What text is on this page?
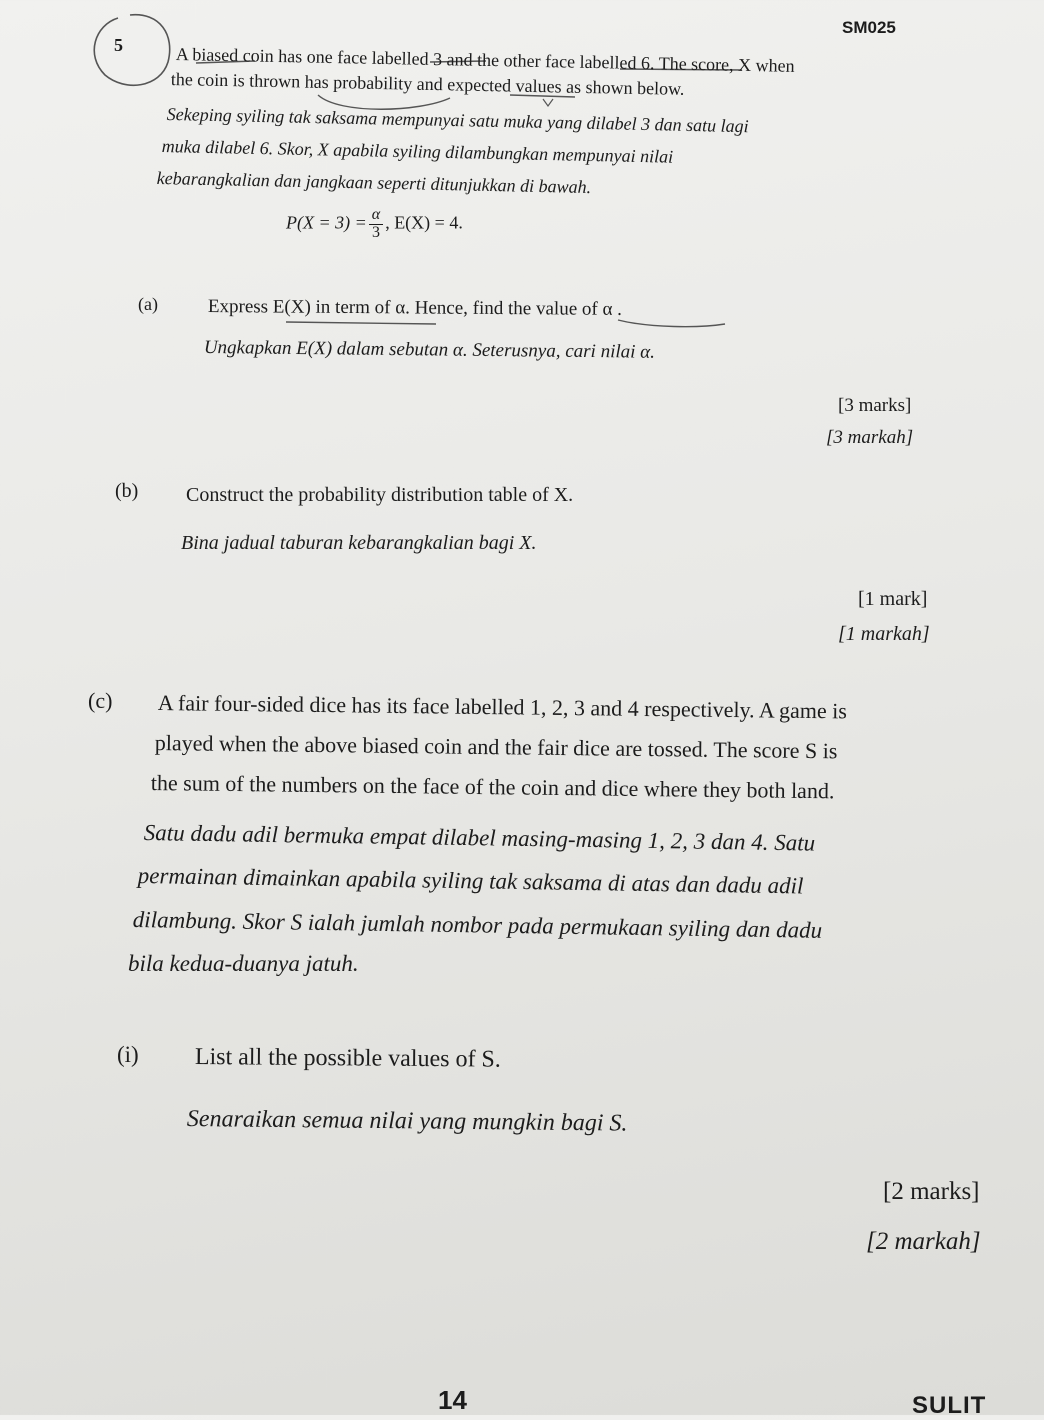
SM025
5	A biased coin has one face labelled 3 and the other face labelled 6. The score, X when
the coin is thrown has probability and expected values as shown below.
Sekeping syiling tak saksama mempunyai satu muka yang dilabel 3 dan satu lagi
muka dilabel 6. Skor, X apabila syiling dilambungkan mempunyai nilai
kebarangkalian dan jangkaan seperti ditunjukkan di bawah.
$P(X = 3) = \frac{\alpha}{3}$ , E(X) = 4.
(a)	Express E(X) in term of α. Hence, find the value of α .
Ungkapkan E(X) dalam sebutan α. Seterusnya, cari nilai α.
[3 marks]
[3 markah]
(b) Construct the probability distribution table of X.
Bina jadual taburan kebarangkalian bagi X.
[1 mark]
[1 markah]
(c) A fair four-sided dice has its face labelled 1, 2, 3 and 4 respectively. A game is
played when the above biased coin and the fair dice are tossed. The score S is
the sum of the numbers on the face of the coin and dice where they both land.
Satu dadu adil bermuka empat dilabel masing-masing 1, 2, 3 dan 4. Satu
permainan dimainkan apabila syiling tak saksama di atas dan dadu adil
dilambung. Skor S ialah jumlah nombor pada permukaan syiling dan dadu
bila kedua-duanya jatuh.
(i) List all the possible values of S.
Senaraikan semua nilai yang mungkin bagi S.
[2 marks]
[2 markah]
14	SULIT
